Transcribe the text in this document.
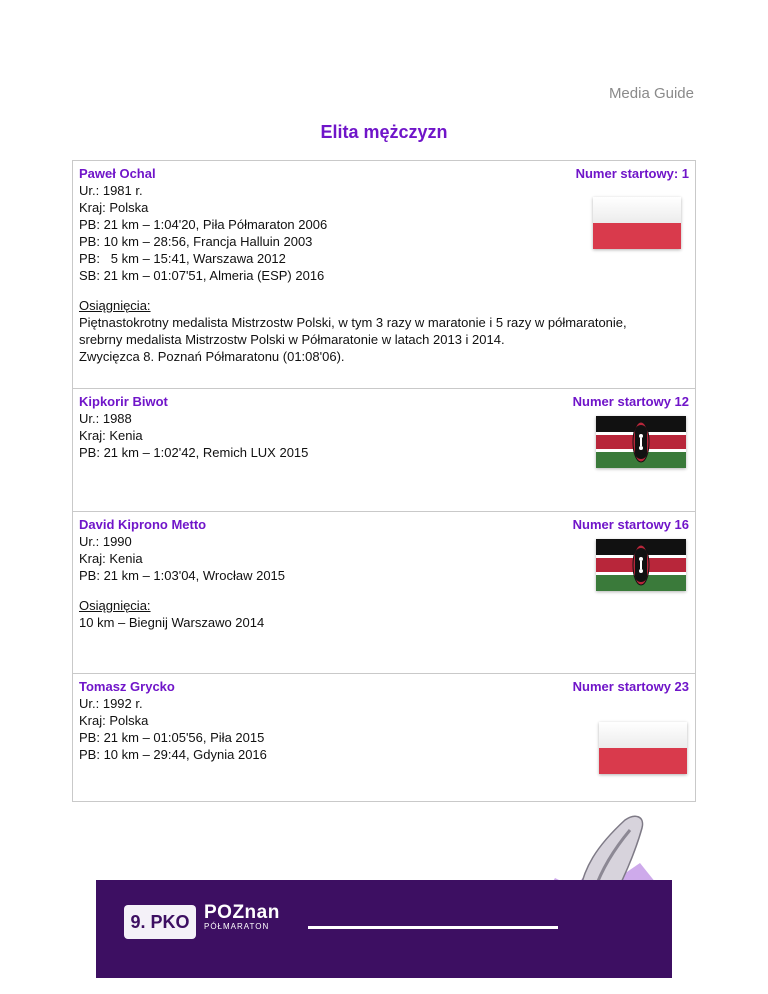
Media Guide
Elita mężczyzn
Paweł Ochal
Ur.: 1981 r.
Kraj: Polska
PB: 21 km – 1:04'20, Piła Półmaraton 2006
PB: 10 km – 28:56, Francja Halluin 2003
PB:   5 km – 15:41, Warszawa 2012
SB: 21 km – 01:07'51, Almeria (ESP) 2016
Osiągnięcia:
Piętnastokrotny medalista Mistrzostw Polski, w tym 3 razy w maratonie i 5 razy w półmaratonie,
srebrny medalista Mistrzostw Polski w Półmaratonie w latach 2013 i 2014.
Zwycięzca 8. Poznań Półmaratonu (01:08'06).
Numer startowy: 1
Kipkorir Biwot
Ur.: 1988
Kraj: Kenia
PB: 21 km – 1:02'42, Remich LUX 2015
Numer startowy 12
David Kiprono Metto
Ur.: 1990
Kraj: Kenia
PB: 21 km – 1:03'04, Wrocław 2015
Osiągnięcia:
10 km – Biegnij Warszawo 2014
Numer startowy 16
Tomasz Grycko
Ur.: 1992 r.
Kraj: Polska
PB: 21 km – 01:05'56, Piła 2015
PB: 10 km – 29:44, Gdynia 2016
Numer startowy 23
9. PKO POZnan
PÓŁMARATON
